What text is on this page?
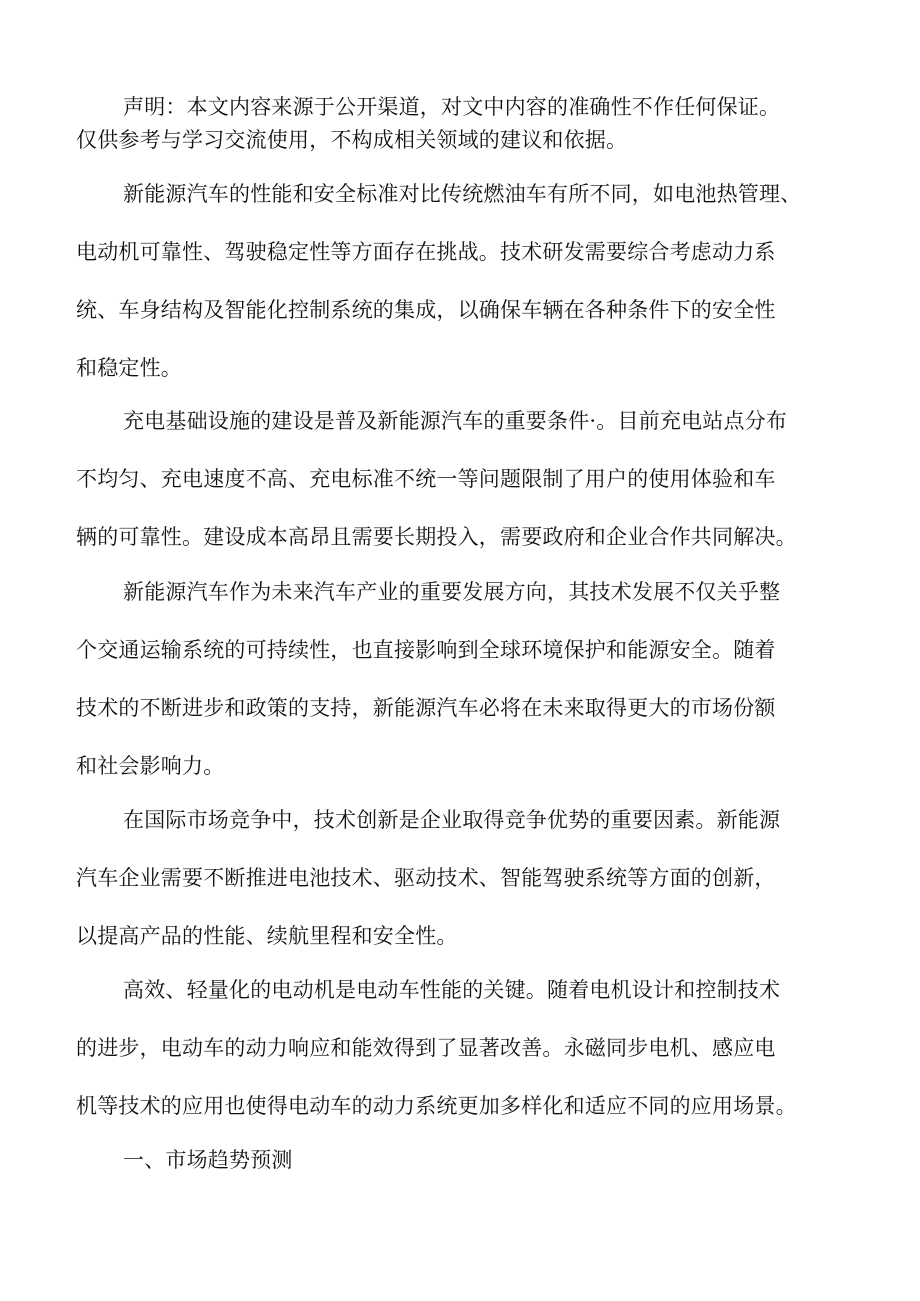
声明：本文内容来源于公开渠道，对文中内容的准确性不作任何保证。
仅供参考与学习交流使用，不构成相关领域的建议和依据。
新能源汽车的性能和安全标准对比传统燃油车有所不同，如电池热管理、
电动机可靠性、驾驶稳定性等方面存在挑战。技术研发需要综合考虑动力系
统、车身结构及智能化控制系统的集成，以确保车辆在各种条件下的安全性
和稳定性。
充电基础设施的建设是普及新能源汽车的重要条件·。目前充电站点分布
不均匀、充电速度不高、充电标准不统一等问题限制了用户的使用体验和车
辆的可靠性。建设成本高昂且需要长期投入，需要政府和企业合作共同解决。
新能源汽车作为未来汽车产业的重要发展方向，其技术发展不仅关乎整
个交通运输系统的可持续性，也直接影响到全球环境保护和能源安全。随着
技术的不断进步和政策的支持，新能源汽车必将在未来取得更大的市场份额
和社会影响力。
在国际市场竞争中，技术创新是企业取得竞争优势的重要因素。新能源
汽车企业需要不断推进电池技术、驱动技术、智能驾驶系统等方面的创新，
以提高产品的性能、续航里程和安全性。
高效、轻量化的电动机是电动车性能的关键。随着电机设计和控制技术
的进步，电动车的动力响应和能效得到了显著改善。永磁同步电机、感应电
机等技术的应用也使得电动车的动力系统更加多样化和适应不同的应用场景。
一、市场趋势预测
